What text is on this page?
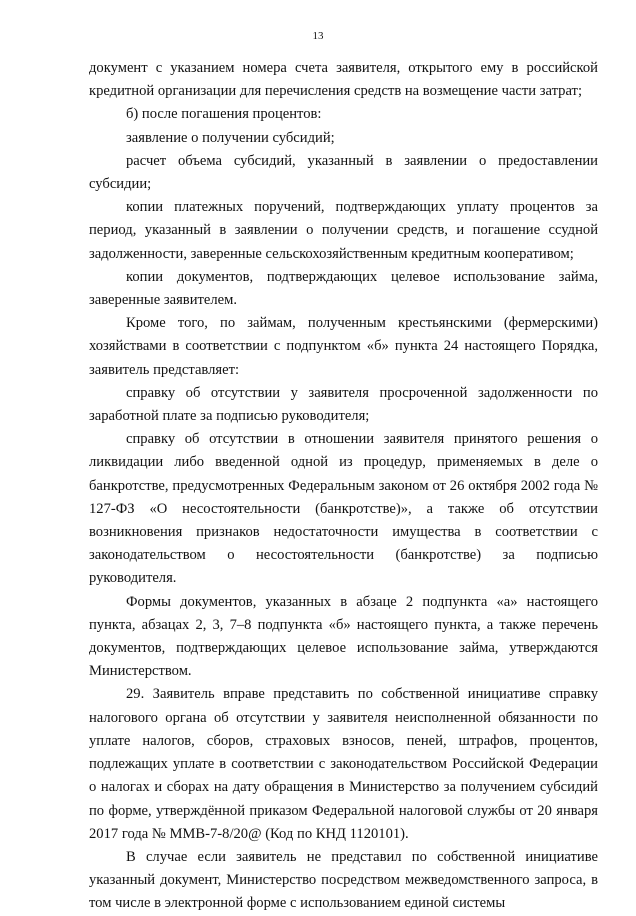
13

документ с указанием номера счета заявителя, открытого ему в российской кредитной организации для перечисления средств на возмещение части затрат;

б) после погашения процентов:

заявление о получении субсидий;

расчет объема субсидий, указанный в заявлении о предоставлении субсидии;

копии платежных поручений, подтверждающих уплату процентов за период, указанный в заявлении о получении средств, и погашение ссудной задолженности, заверенные сельскохозяйственным кредитным кооперативом;

копии документов, подтверждающих целевое использование займа, заверенные заявителем.

Кроме того, по займам, полученным крестьянскими (фермерскими) хозяйствами в соответствии с подпунктом «б» пункта 24 настоящего Порядка, заявитель представляет:

справку об отсутствии у заявителя просроченной задолженности по заработной плате за подписью руководителя;

справку об отсутствии в отношении заявителя принятого решения о ликвидации либо введенной одной из процедур, применяемых в деле о банкротстве, предусмотренных Федеральным законом от 26 октября 2002 года № 127-ФЗ «О несостоятельности (банкротстве)», а также об отсутствии возникновения признаков недостаточности имущества в соответствии с законодательством о несостоятельности (банкротстве) за подписью руководителя.

Формы документов, указанных в абзаце 2 подпункта «а» настоящего пункта, абзацах 2, 3, 7–8 подпункта «б» настоящего пункта, а также перечень документов, подтверждающих целевое использование займа, утверждаются Министерством.

29. Заявитель вправе представить по собственной инициативе справку налогового органа об отсутствии у заявителя неисполненной обязанности по уплате налогов, сборов, страховых взносов, пеней, штрафов, процентов, подлежащих уплате в соответствии с законодательством Российской Федерации о налогах и сборах на дату обращения в Министерство за получением субсидий по форме, утверждённой приказом Федеральной налоговой службы от 20 января 2017 года № ММВ-7-8/20@ (Код по КНД 1120101).

В случае если заявитель не представил по собственной инициативе указанный документ, Министерство посредством межведомственного запроса, в том числе в электронной форме с использованием единой системы
